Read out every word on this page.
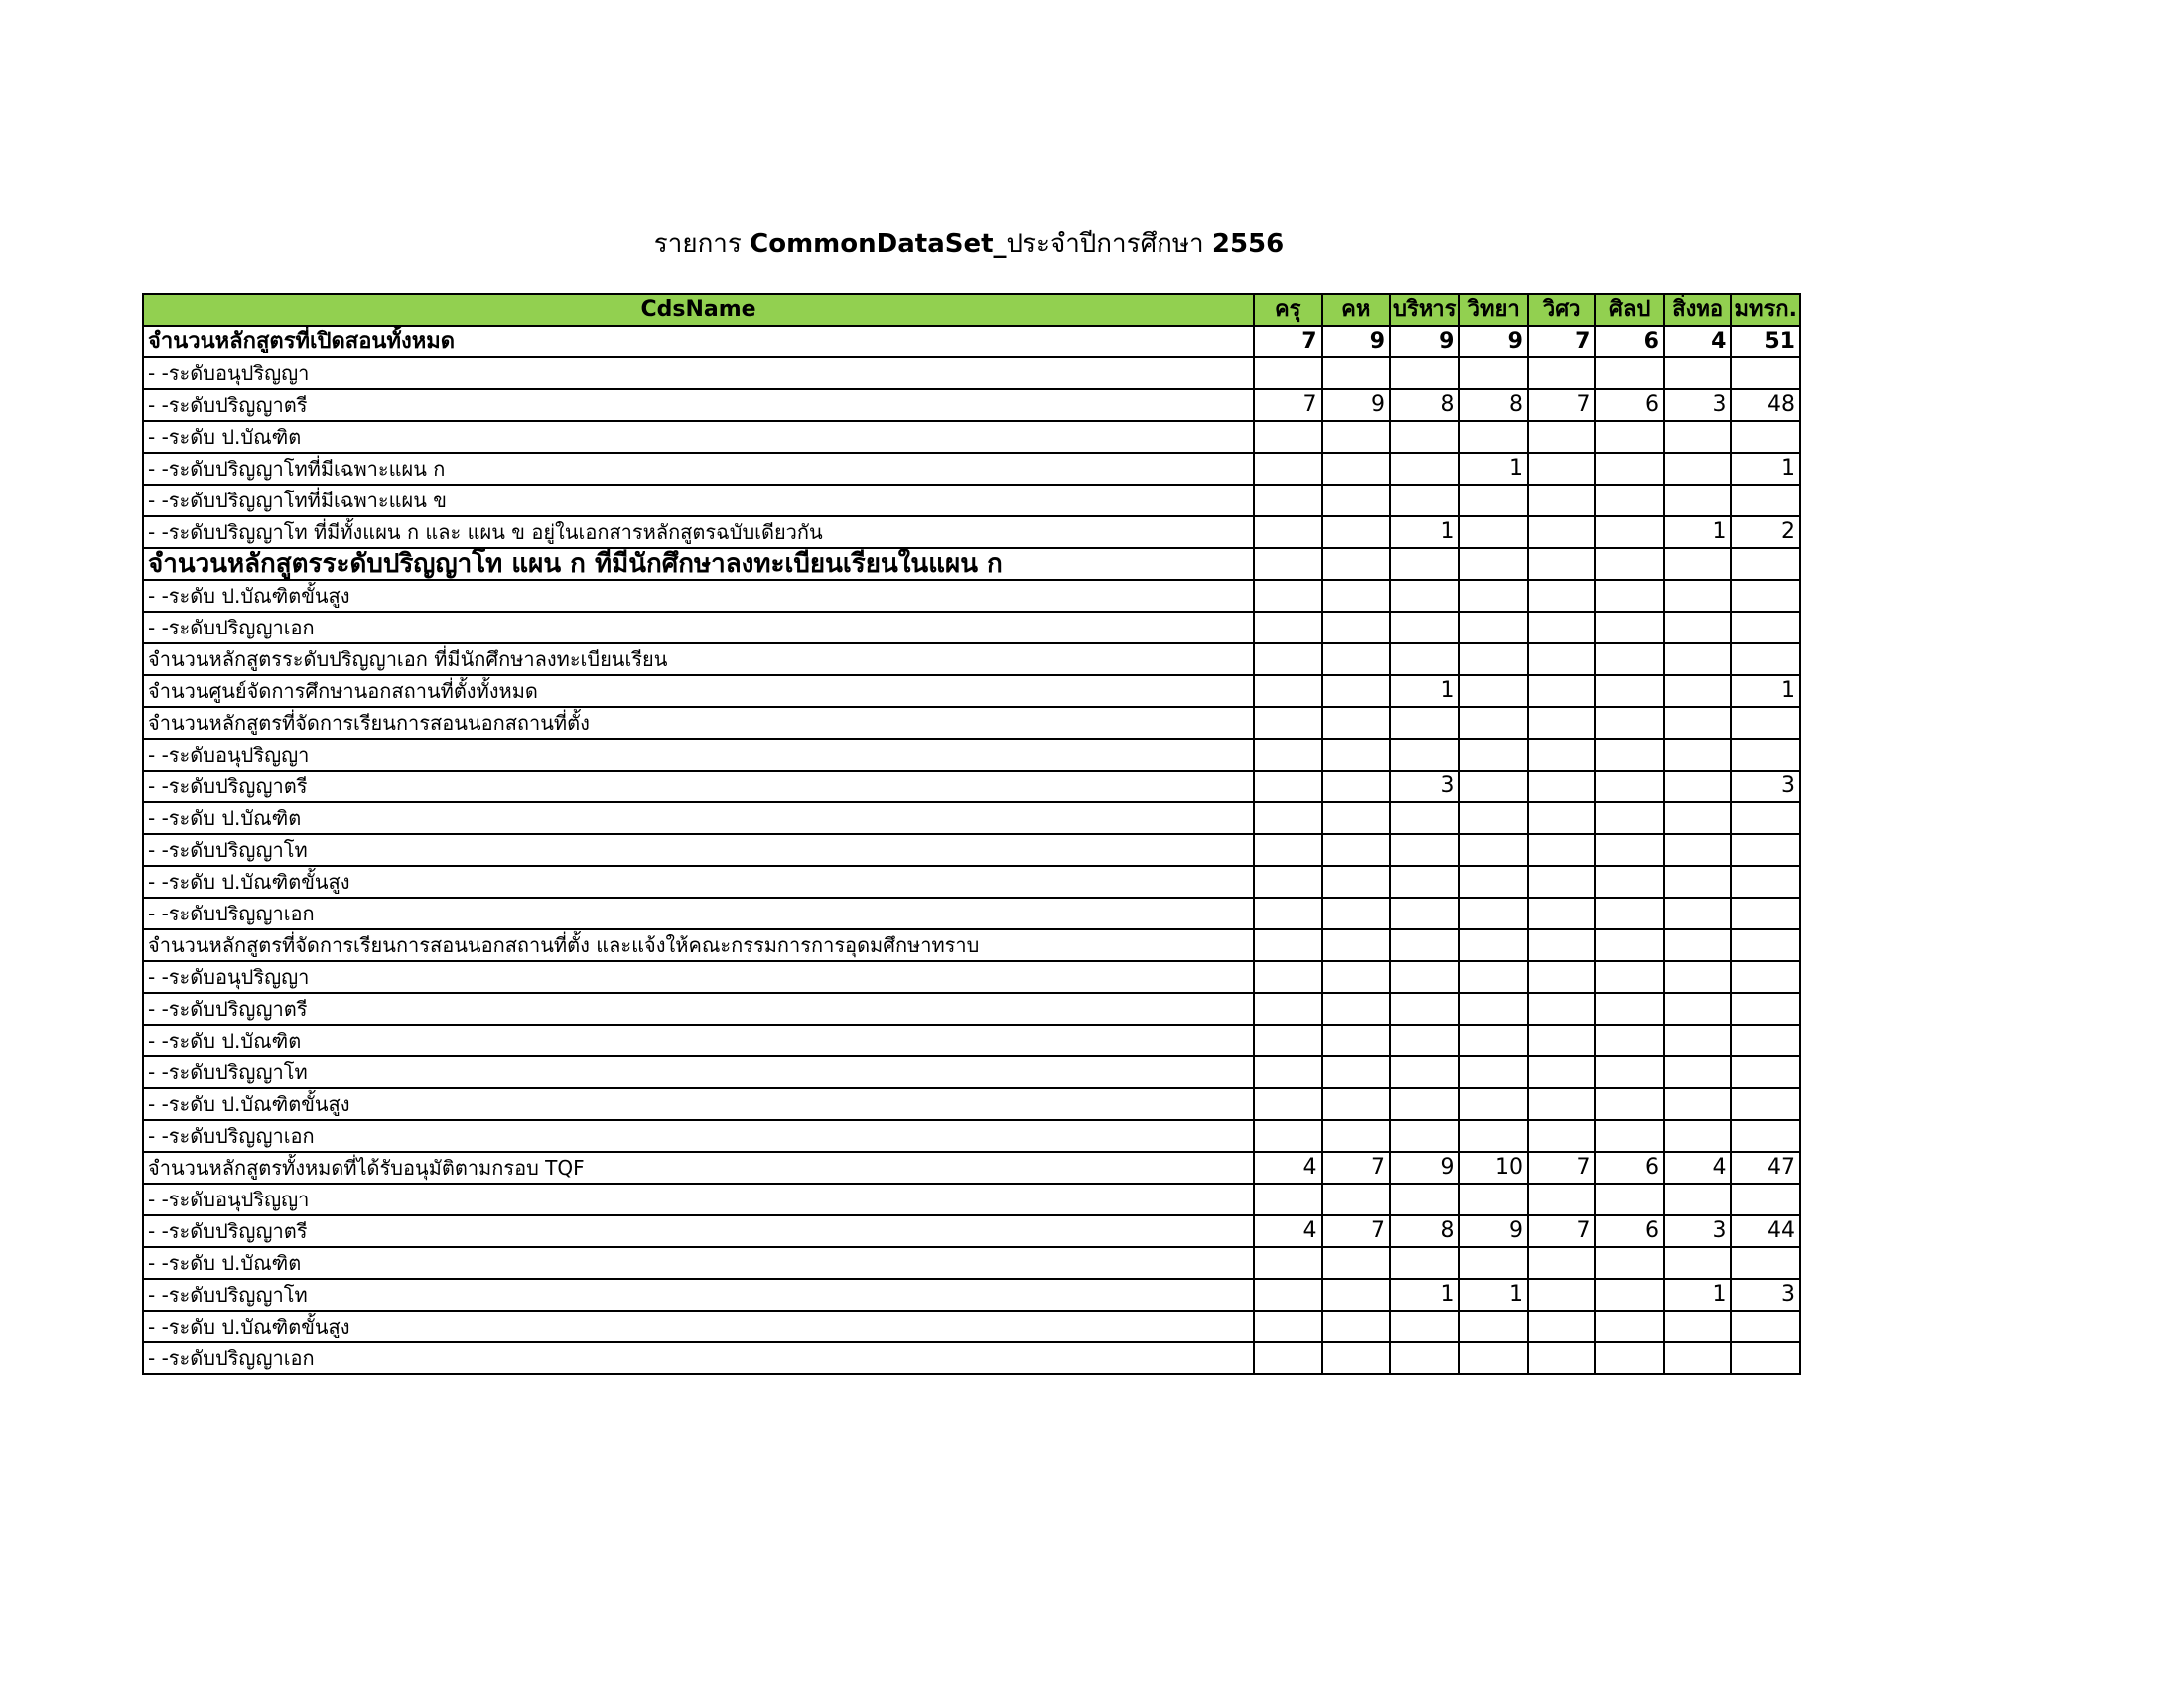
รายการ CommonDataSet_ประจำปีการศึกษา 2556
CdsName	ครุ	คห	บริหาร	วิทยา	วิศว	ศิลป	สิ่งทอ	มทรก.
จำนวนหลักสูตรที่เปิดสอนทั้งหมด	7	9	9	9	7	6	4	51
- -ระดับอนุปริญญา								
- -ระดับปริญญาตรี	7	9	8	8	7	6	3	48
- -ระดับ ป.บัณฑิต								
- -ระดับปริญญาโทที่มีเฉพาะแผน ก				1				1
- -ระดับปริญญาโทที่มีเฉพาะแผน ข								
- -ระดับปริญญาโท ที่มีทั้งแผน ก และ แผน ข อยู่ในเอกสารหลักสูตรฉบับเดียวกัน			1				1	2
จำนวนหลักสูตรระดับปริญญาโท แผน ก ที่มีนักศึกษาลงทะเบียนเรียนในแผน ก								
- -ระดับ ป.บัณฑิตขั้นสูง								
- -ระดับปริญญาเอก								
จำนวนหลักสูตรระดับปริญญาเอก ที่มีนักศึกษาลงทะเบียนเรียน								
จำนวนศูนย์จัดการศึกษานอกสถานที่ตั้งทั้งหมด			1					1
จำนวนหลักสูตรที่จัดการเรียนการสอนนอกสถานที่ตั้ง								
- -ระดับอนุปริญญา								
- -ระดับปริญญาตรี			3					3
- -ระดับ ป.บัณฑิต								
- -ระดับปริญญาโท								
- -ระดับ ป.บัณฑิตขั้นสูง								
- -ระดับปริญญาเอก								
จำนวนหลักสูตรที่จัดการเรียนการสอนนอกสถานที่ตั้ง และแจ้งให้คณะกรรมการการอุดมศึกษาทราบ								
- -ระดับอนุปริญญา								
- -ระดับปริญญาตรี								
- -ระดับ ป.บัณฑิต								
- -ระดับปริญญาโท								
- -ระดับ ป.บัณฑิตขั้นสูง								
- -ระดับปริญญาเอก								
จำนวนหลักสูตรทั้งหมดที่ได้รับอนุมัติตามกรอบ TQF	4	7	9	10	7	6	4	47
- -ระดับอนุปริญญา								
- -ระดับปริญญาตรี	4	7	8	9	7	6	3	44
- -ระดับ ป.บัณฑิต								
- -ระดับปริญญาโท			1	1			1	3
- -ระดับ ป.บัณฑิตขั้นสูง								
- -ระดับปริญญาเอก								
